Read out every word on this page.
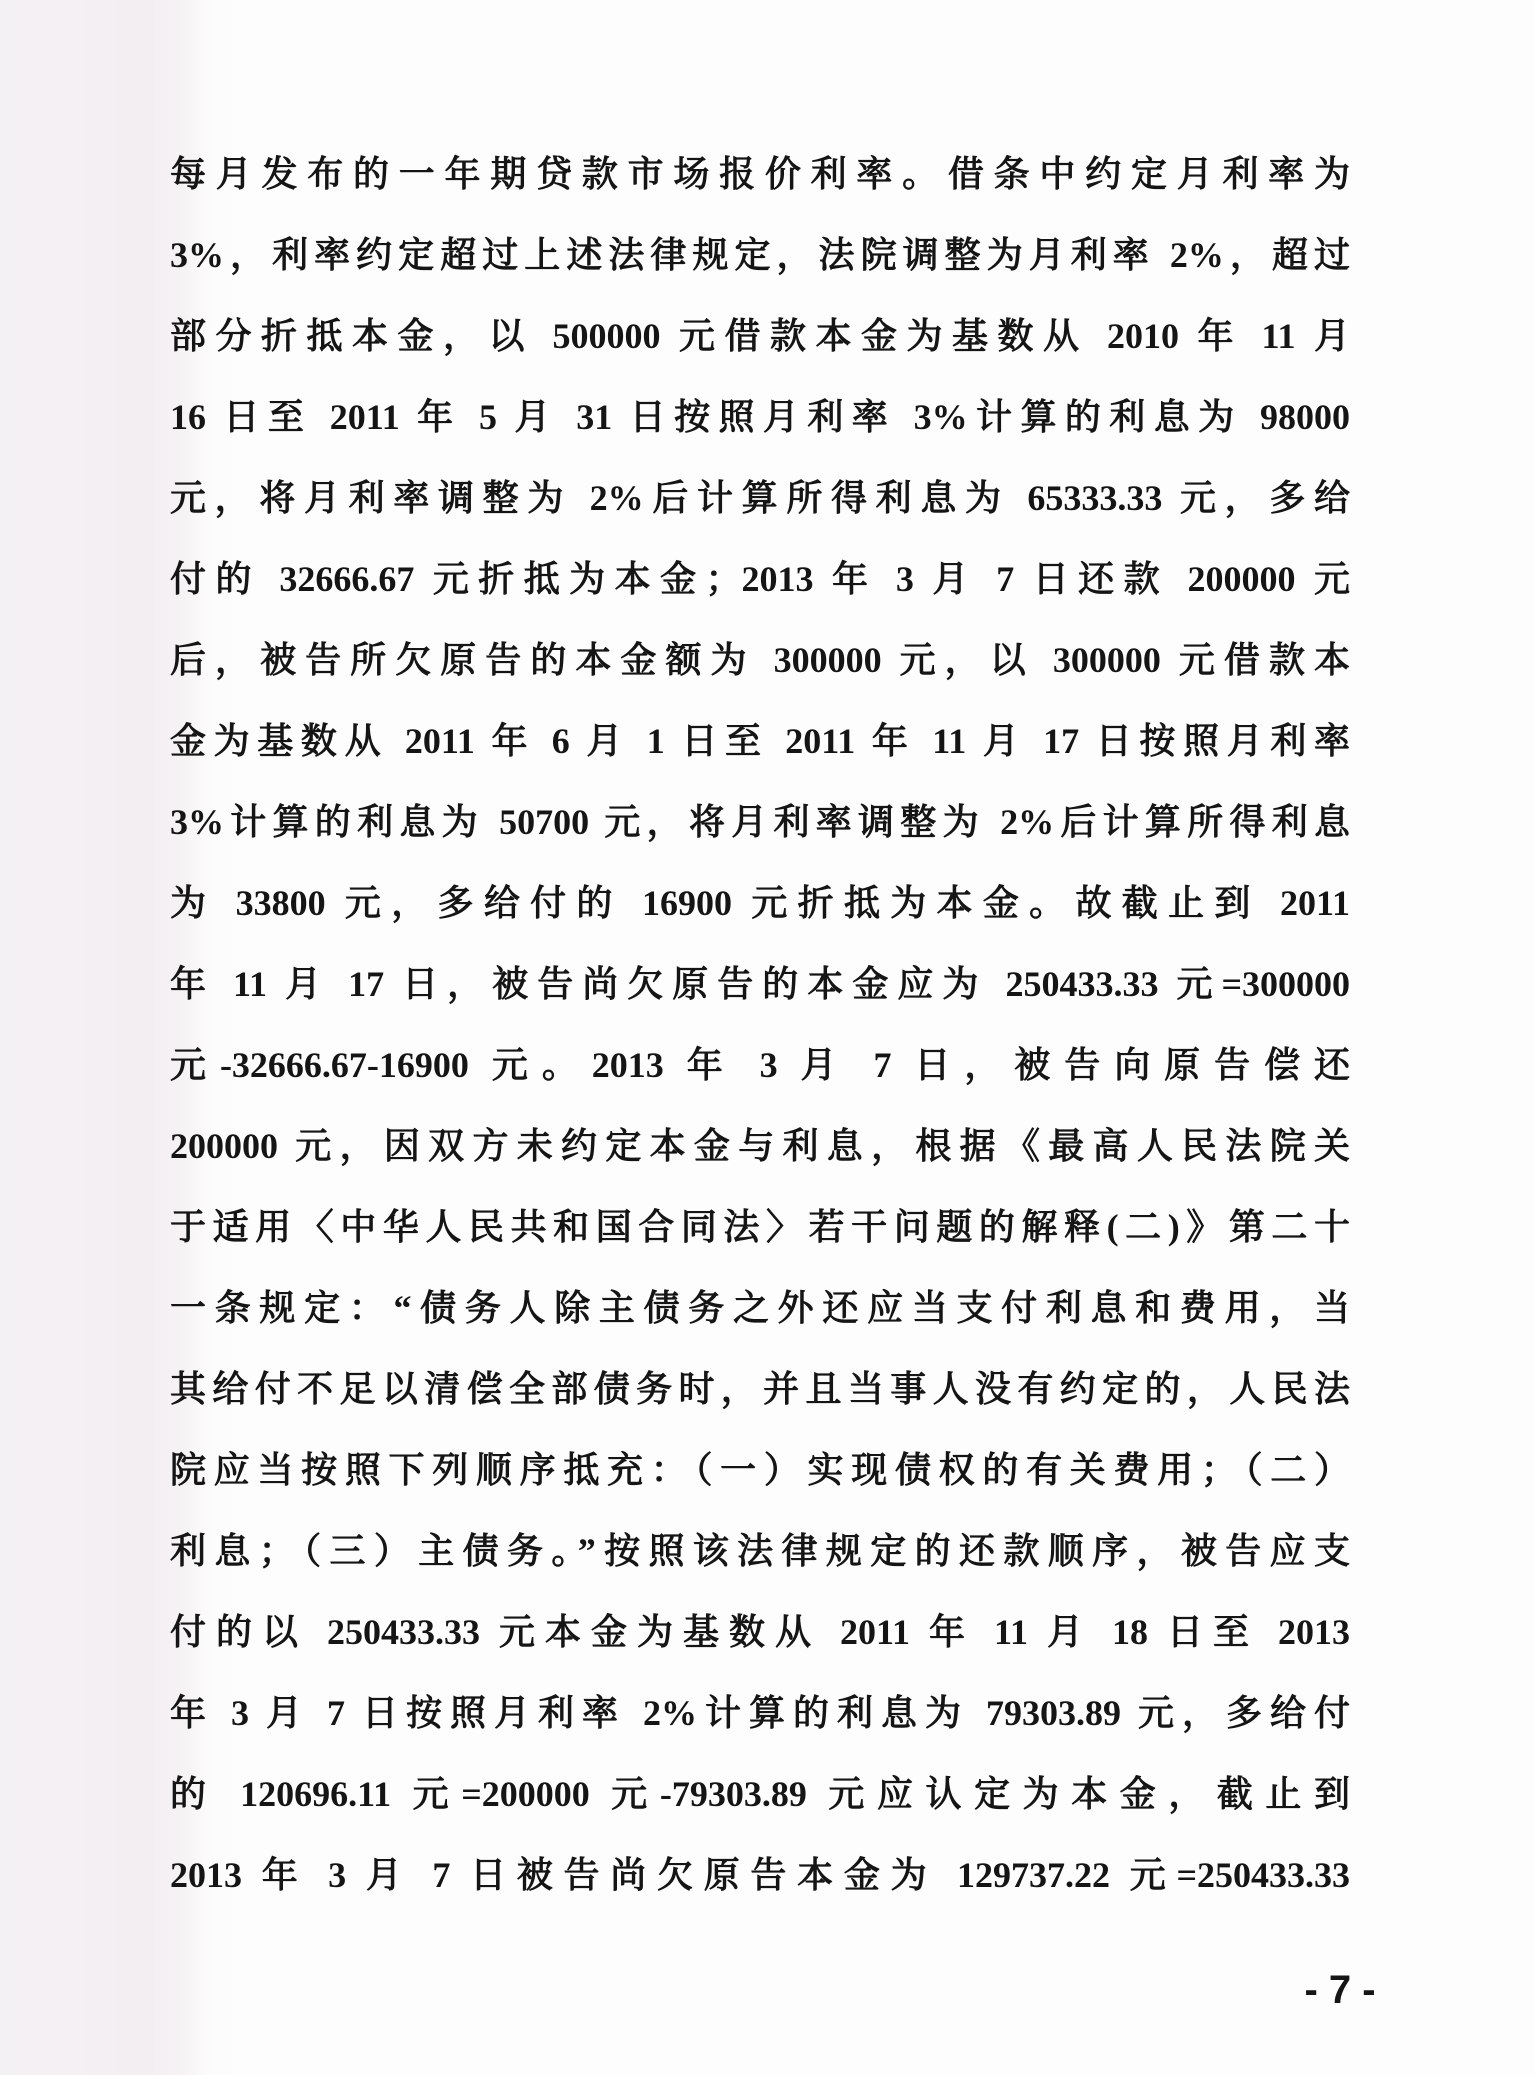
每月发布的一年期贷款市场报价利率。借条中约定月利率为
3%，利率约定超过上述法律规定，法院调整为月利率 2%，超过
部分折抵本金，以 500000 元借款本金为基数从 2010 年 11 月
16 日至 2011 年 5 月 31 日按照月利率 3%计算的利息为 98000
元，将月利率调整为 2%后计算所得利息为 65333.33 元，多给
付的 32666.67 元折抵为本金；2013 年 3 月 7 日还款 200000 元
后，被告所欠原告的本金额为 300000 元，以 300000 元借款本
金为基数从 2011 年 6 月 1 日至 2011 年 11 月 17 日按照月利率
3%计算的利息为 50700 元，将月利率调整为 2%后计算所得利息
为 33800 元，多给付的 16900 元折抵为本金。故截止到 2011
年 11 月 17 日，被告尚欠原告的本金应为 250433.33 元=300000
元-32666.67-16900 元。2013 年 3 月 7 日，被告向原告偿还
200000 元，因双方未约定本金与利息，根据《最高人民法院关
于适用〈中华人民共和国合同法〉若干问题的解释(二)》第二十
一条规定：“债务人除主债务之外还应当支付利息和费用，当
其给付不足以清偿全部债务时，并且当事人没有约定的，人民法
院应当按照下列顺序抵充：（一）实现债权的有关费用；（二）
利息；（三）主债务。”按照该法律规定的还款顺序，被告应支
付的以 250433.33 元本金为基数从 2011 年 11 月 18 日至 2013
年 3 月 7 日按照月利率 2%计算的利息为 79303.89 元，多给付
的 120696.11 元=200000 元-79303.89 元应认定为本金，截止到
2013 年 3 月 7 日被告尚欠原告本金为 129737.22 元=250433.33
- 7 -
